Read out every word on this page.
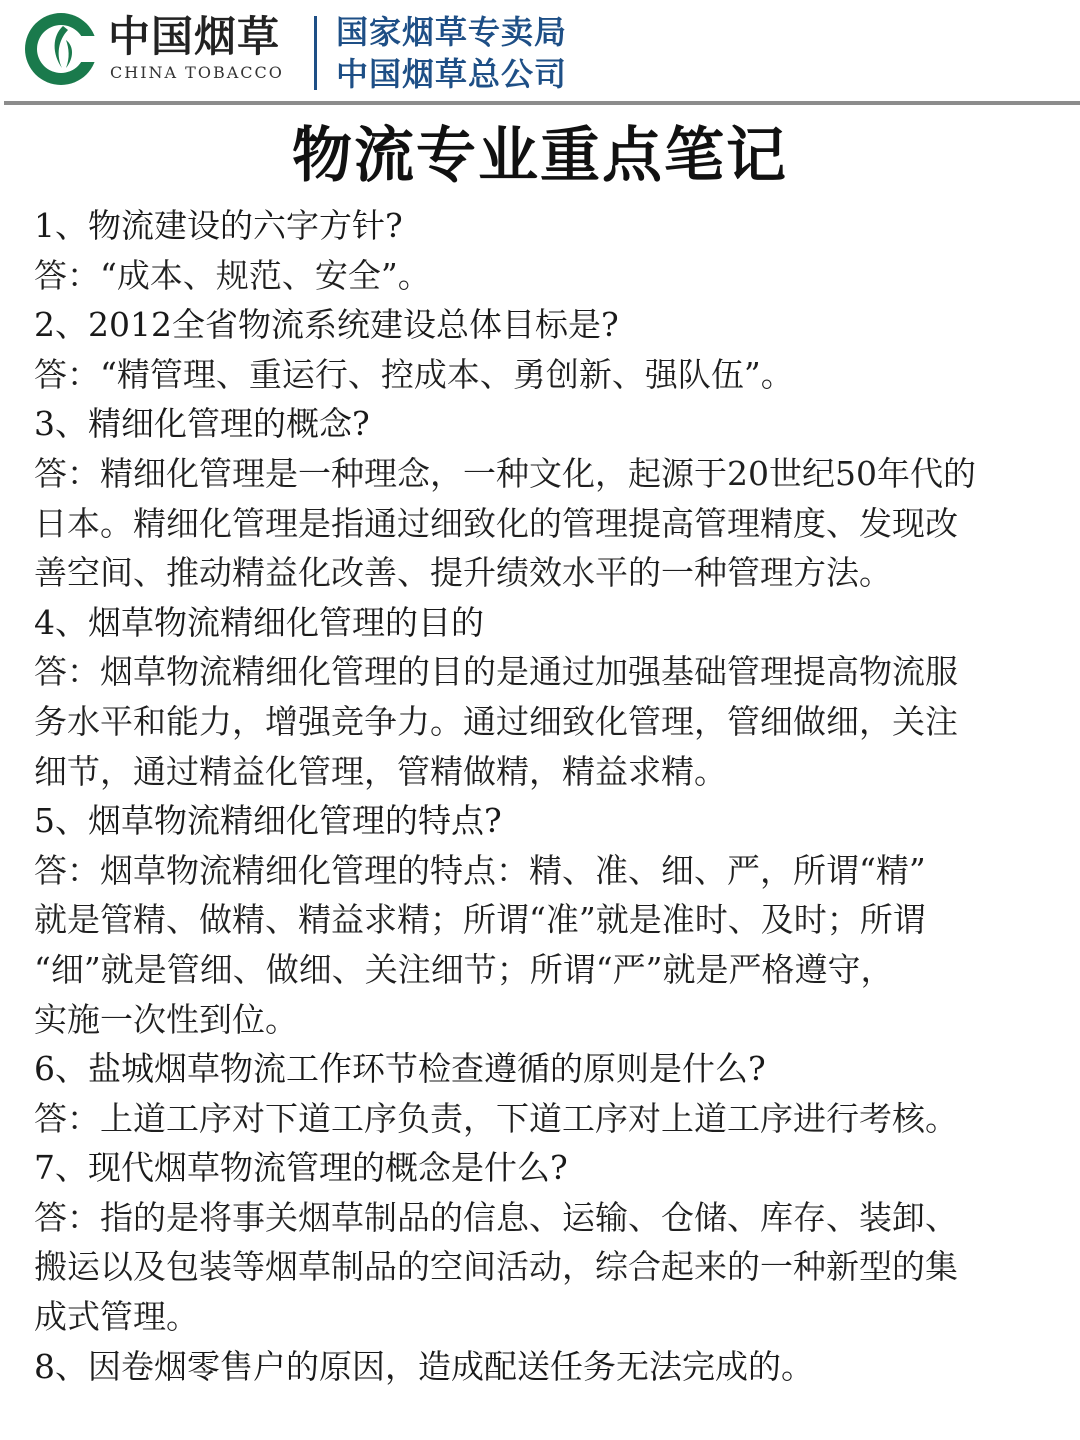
中国烟草
CHINA TOBACCO
国家烟草专卖局
中国烟草总公司
物流专业重点笔记
1、物流建设的六字方针?
答：“成本、规范、安全”。
2、2012全省物流系统建设总体目标是?
答：“精管理、重运行、控成本、勇创新、强队伍”。
3、精细化管理的概念?
答：精细化管理是一种理念，一种文化，起源于20世纪50年代的
日本。精细化管理是指通过细致化的管理提高管理精度、发现改
善空间、推动精益化改善、提升绩效水平的一种管理方法。
4、烟草物流精细化管理的目的
答：烟草物流精细化管理的目的是通过加强基础管理提高物流服
务水平和能力，增强竞争力。通过细致化管理，管细做细，关注
细节，通过精益化管理，管精做精，精益求精。
5、烟草物流精细化管理的特点?
答：烟草物流精细化管理的特点：精、准、细、严，所谓“精”
就是管精、做精、精益求精；所谓“准”就是准时、及时；所谓
“细”就是管细、做细、关注细节；所谓“严”就是严格遵守，
实施一次性到位。
6、盐城烟草物流工作环节检查遵循的原则是什么?
答：上道工序对下道工序负责，下道工序对上道工序进行考核。
7、现代烟草物流管理的概念是什么?
答：指的是将事关烟草制品的信息、运输、仓储、库存、装卸、
搬运以及包装等烟草制品的空间活动，综合起来的一种新型的集
成式管理。
8、因卷烟零售户的原因，造成配送任务无法完成的。
